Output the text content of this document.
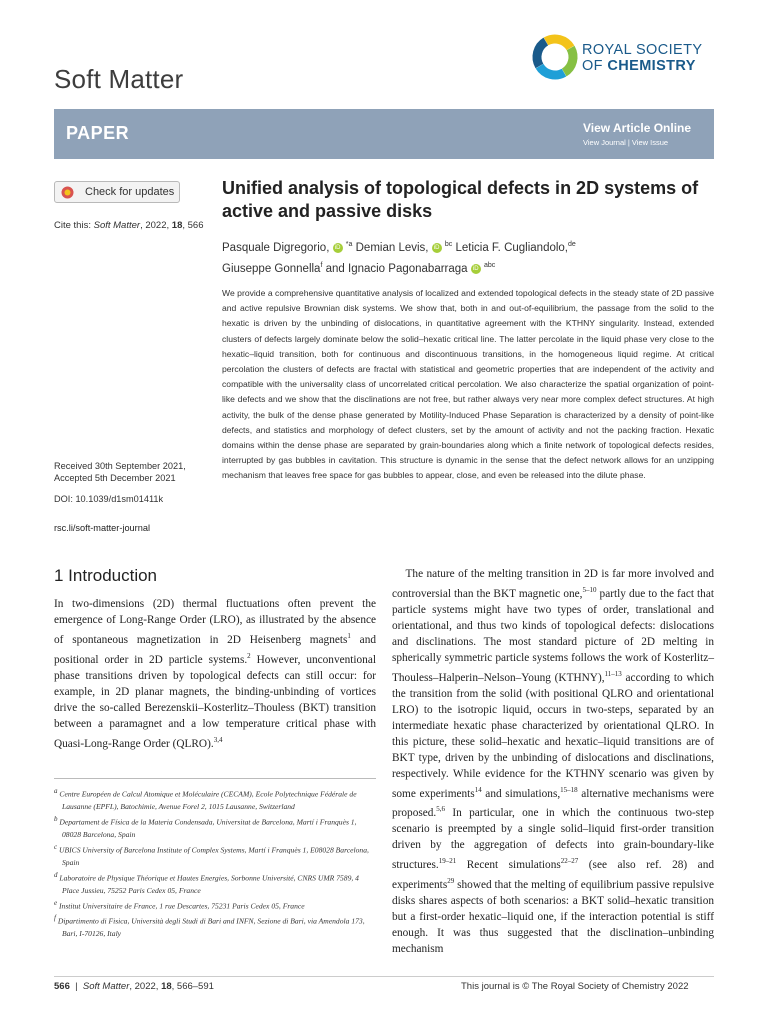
Soft Matter
ROYAL SOCIETY
OF CHEMISTRY
PAPER	View Article Online
View Journal | View Issue
Check for updates
Cite this: Soft Matter, 2022, 18, 566
Unified analysis of topological defects in 2D systems of active and passive disks
Pasquale Digregorio, iD $^{*a}$ Demian Levis, iD $^{bc}$ Leticia F. Cugliandolo,$^{de}$
Giuseppe Gonnella$^f$ and Ignacio Pagonabarraga iD $^{abc}$
We provide a comprehensive quantitative analysis of localized and extended topological defects in the steady state of 2D passive and active repulsive Brownian disk systems. We show that, both in and out-of-equilibrium, the passage from the solid to the hexatic is driven by the unbinding of dislocations, in quantitative agreement with the KTHNY singularity. Instead, extended clusters of defects largely dominate below the solid–hexatic critical line. The latter percolate in the liquid phase very close to the hexatic–liquid transition, both for continuous and discontinuous transitions, in the homogeneous liquid regime. At critical percolation the clusters of defects are fractal with statistical and geometric properties that are independent of the activity and compatible with the universality class of uncorrelated critical percolation. We also characterize the spatial organization of point-like defects and we show that the disclinations are not free, but rather always very near more complex defect structures. At high activity, the bulk of the dense phase generated by Motility-Induced Phase Separation is characterized by a density of point-like defects, and statistics and morphology of defect clusters, set by the amount of activity and not the packing fraction. Hexatic domains within the dense phase are separated by grain-boundaries along which a finite network of topological defects resides, interrupted by gas bubbles in cavitation. This structure is dynamic in the sense that the defect network allows for an unzipping mechanism that leaves free space for gas bubbles to appear, close, and even be released into the dilute phase.
Received 30th September 2021,
Accepted 5th December 2021
DOI: 10.1039/d1sm01411k
rsc.li/soft-matter-journal
1 Introduction

In two-dimensions (2D) thermal fluctuations often prevent the emergence of Long-Range Order (LRO), as illustrated by the absence of spontaneous magnetization in 2D Heisenberg magnets$^1$ and positional order in 2D particle systems.$^2$ However, unconventional phase transitions driven by topological defects can still occur: for example, in 2D planar magnets, the binding-unbinding of vortices drive the so-called Berezenskii–Kosterlitz–Thouless (BKT) transition between a paramagnet and a low temperature critical phase with Quasi-Long-Range Order (QLRO).$^{3,4}$

a Centre Européen de Calcul Atomique et Moléculaire (CECAM), Ecole Polytechnique Fédérale de Lausanne (EPFL), Batochimie, Avenue Forel 2, 1015 Lausanne, Switzerland

b Departament de Física de la Materia Condensada, Universitat de Barcelona, Martí i Franquès 1, 08028 Barcelona, Spain

c UBICS University of Barcelona Institute of Complex Systems, Martí i Franquès 1, E08028 Barcelona, Spain

d Laboratoire de Physique Théorique et Hautes Energies, Sorbonne Université, CNRS UMR 7589, 4 Place Jussieu, 75252 Paris Cedex 05, France

e Institut Universitaire de France, 1 rue Descartes, 75231 Paris Cedex 05, France

f Dipartimento di Fisica, Università degli Studi di Bari and INFN, Sezione di Bari, via Amendola 173, Bari, I-70126, Italy

The nature of the melting transition in 2D is far more involved and controversial than the BKT magnetic one,$^{5-10}$ partly due to the fact that particle systems might have two types of order, translational and orientational, and thus two kinds of topological defects: dislocations and disclinations. The most standard picture of 2D melting in spherically symmetric particle systems follows the work of Kosterlitz–Thouless–Halperin–Nelson–Young (KTHNY),$^{11-13}$ according to which the transition from the solid (with positional QLRO and orientational LRO) to the isotropic liquid, occurs in two-steps, separated by an intermediate hexatic phase characterized by orientational QLRO. In this picture, these solid–hexatic and hexatic–liquid transitions are of BKT type, driven by the unbinding of dislocations and disclinations, respectively. While evidence for the KTHNY scenario was given by some experiments$^{14}$ and simulations,$^{15-18}$ alternative mechanisms were proposed.$^{5,6}$ In particular, one in which the continuous two-step scenario is preempted by a single solid–liquid first-order transition driven by the aggregation of defects into grain-boundary-like structures.$^{19-21}$ Recent simulations$^{22-27}$ (see also ref. 28) and experiments$^{29}$ showed that the melting of equilibrium passive repulsive disks shares aspects of both scenarios: a BKT solid–hexatic transition but a first-order hexatic–liquid one, if the interaction potential is stiff enough. It was thus suggested that the disclination–unbinding mechanism

566  |  Soft Matter, 2022, 18, 566–591	This journal is © The Royal Society of Chemistry 2022
